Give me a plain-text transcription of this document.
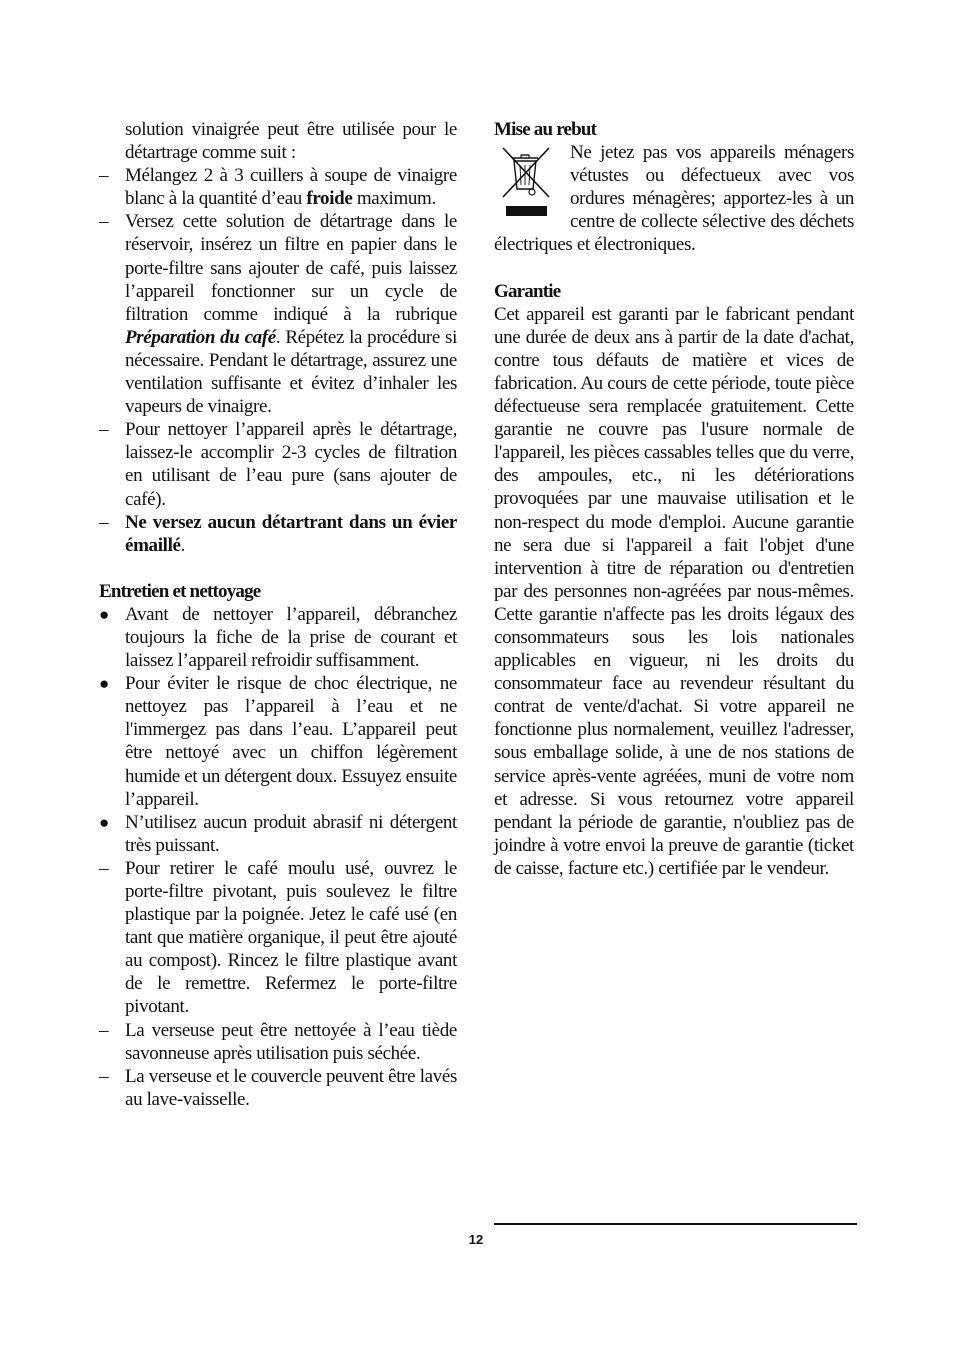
solution vinaigrée peut être utilisée pour le détartrage comme suit :

– Mélangez 2 à 3 cuillers à soupe de vinaigre blanc à la quantité d’eau froide maximum.
– Versez cette solution de détartrage dans le réservoir, insérez un filtre en papier dans le porte-filtre sans ajouter de café, puis laissez l’appareil fonctionner sur un cycle de filtration comme indiqué à la rubrique Préparation du café. Répétez la procédure si nécessaire. Pendant le détartrage, assurez une ventilation suffisante et évitez d’inhaler les vapeurs de vinaigre.
– Pour nettoyer l’appareil après le détartrage, laissez-le accomplir 2-3 cycles de filtration en utilisant de l’eau pure (sans ajouter de café).
– Ne versez aucun détartrant dans un évier émaillé.
Entretien et nettoyage
● Avant de nettoyer l’appareil, débranchez toujours la fiche de la prise de courant et laissez l’appareil refroidir suffisamment.
● Pour éviter le risque de choc électrique, ne nettoyez pas l’appareil à l’eau et ne l'immergez pas dans l’eau. L’appareil peut être nettoyé avec un chiffon légèrement humide et un détergent doux. Essuyez ensuite l’appareil.
● N’utilisez aucun produit abrasif ni détergent très puissant.
– Pour retirer le café moulu usé, ouvrez le porte-filtre pivotant, puis soulevez le filtre plastique par la poignée. Jetez le café usé (en tant que matière organique, il peut être ajouté au compost). Rincez le filtre plastique avant de le remettre. Refermez le porte-filtre pivotant.
– La verseuse peut être nettoyée à l’eau tiède savonneuse après utilisation puis séchée.
– La verseuse et le couvercle peuvent être lavés au lave-vaisselle.
Mise au rebut

Ne jetez pas vos appareils ménagers vétustes ou défectueux avec vos ordures ménagères; apportez-les à un centre de collecte sélective des déchets électriques et électroniques.

Garantie

Cet appareil est garanti par le fabricant pendant une durée de deux ans à partir de la date d'achat, contre tous défauts de matière et vices de fabrication. Au cours de cette période, toute pièce défectueuse sera remplacée gratuitement. Cette garantie ne couvre pas l'usure normale de l'appareil, les pièces cassables telles que du verre, des ampoules, etc., ni les détériorations provoquées par une mauvaise utilisation et le non-respect du mode d'emploi. Aucune garantie ne sera due si l'appareil a fait l'objet d'une intervention à titre de réparation ou d'entretien par des personnes non-agréées par nous-mêmes. Cette garantie n'affecte pas les droits légaux des consommateurs sous les lois nationales applicables en vigueur, ni les droits du consommateur face au revendeur résultant du contrat de vente/d'achat. Si votre appareil ne fonctionne plus normalement, veuillez l'adresser, sous emballage solide, à une de nos stations de service après-vente agréées, muni de votre nom et adresse. Si vous retournez votre appareil pendant la période de garantie, n'oubliez pas de joindre à votre envoi la preuve de garantie (ticket de caisse, facture etc.) certifiée par le vendeur.

12
